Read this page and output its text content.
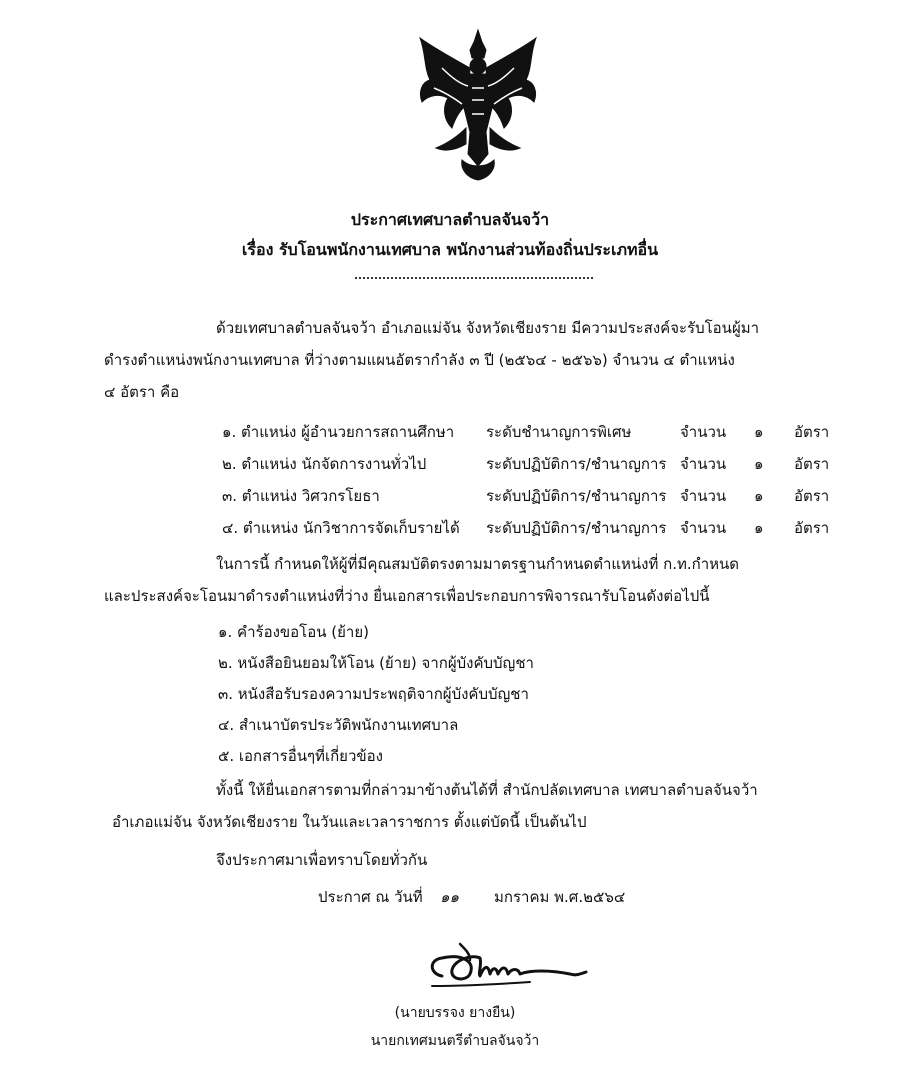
ประกาศเทศบาลตำบลจันจว้า
เรื่อง รับโอนพนักงานเทศบาล พนักงานส่วนท้องถิ่นประเภทอื่น
ด้วยเทศบาลตำบลจันจว้า อำเภอแม่จัน จังหวัดเชียงราย มีความประสงค์จะรับโอนผู้มา
ดำรงตำแหน่งพนักงานเทศบาล ที่ว่างตามแผนอัตรากำลัง ๓ ปี (๒๕๖๔ - ๒๕๖๖) จำนวน ๔ ตำแหน่ง
๔ อัตรา คือ
๑. ตำแหน่ง ผู้อำนวยการสถานศึกษา ระดับชำนาญการพิเศษ	จำนวน ๑ อัตรา
๒. ตำแหน่ง นักจัดการงานทั่วไป	ระดับปฏิบัติการ/ชำนาญการ จำนวน ๑ อัตรา
๓. ตำแหน่ง วิศวกรโยธา	ระดับปฏิบัติการ/ชำนาญการ จำนวน ๑ อัตรา
๔. ตำแหน่ง นักวิชาการจัดเก็บรายได้ ระดับปฏิบัติการ/ชำนาญการ จำนวน ๑ อัตรา
ในการนี้ กำหนดให้ผู้ที่มีคุณสมบัติตรงตามมาตรฐานกำหนดตำแหน่งที่ ก.ท.กำหนด
และประสงค์จะโอนมาดำรงตำแหน่งที่ว่าง ยื่นเอกสารเพื่อประกอบการพิจารณารับโอนดังต่อไปนี้
๑. คำร้องขอโอน (ย้าย)
๒. หนังสือยินยอมให้โอน (ย้าย) จากผู้บังคับบัญชา
๓. หนังสือรับรองความประพฤติจากผู้บังคับบัญชา
๔. สำเนาบัตรประวัติพนักงานเทศบาล
๕. เอกสารอื่นๆที่เกี่ยวข้อง
ทั้งนี้ ให้ยื่นเอกสารตามที่กล่าวมาข้างต้นได้ที่ สำนักปลัดเทศบาล เทศบาลตำบลจันจว้า
อำเภอแม่จัน จังหวัดเชียงราย ในวันและเวลาราชการ ตั้งแต่บัดนี้ เป็นต้นไป
จึงประกาศมาเพื่อทราบโดยทั่วกัน
ประกาศ ณ วันที่ ๑๑ มกราคม พ.ศ.๒๕๖๔
(นายบรรจง ยางยืน)
นายกเทศมนตรีตำบลจันจว้า
